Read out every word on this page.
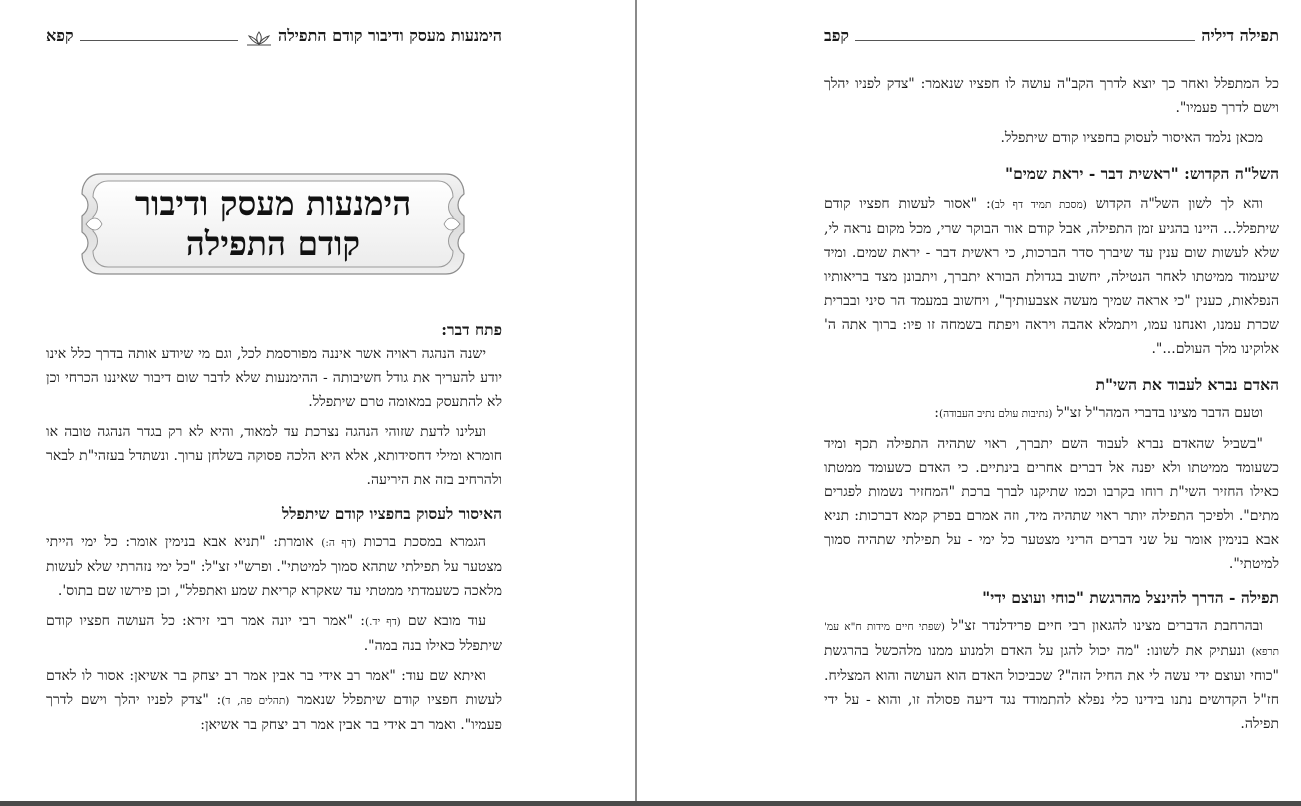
הימנעות מעסק ודיבור קודם התפילה
קפא
הימנעות מעסק ודיבור
קודם התפילה
פתח דבר:

ישנה הנהגה ראויה אשר איננה מפורסמת לכל, וגם מי שיודע אותה בדרך כלל אינו יודע להעריך את גודל חשיבותה - ההימנעות שלא לדבר שום דיבור שאיננו הכרחי וכן לא להתעסק במאומה טרם שיתפלל.

ועלינו לדעת שזוהי הנהגה נצרכת עד למאוד, והיא לא רק בגדר הנהגה טובה או חומרא ומילי דחסידותא, אלא היא הלכה פסוקה בשלחן ערוך. ונשתדל בעזהי"ת לבאר ולהרחיב בזה את היריעה.

האיסור לעסוק בחפציו קודם שיתפלל

הגמרא במסכת ברכות (דף ה:) אומרת: "תניא אבא בנימין אומר: כל ימי הייתי מצטער על תפילתי שתהא סמוך למיטתי". ופרש"י זצ"ל: "כל ימי נזהרתי שלא לעשות מלאכה כשעמדתי ממטתי עד שאקרא קריאת שמע ואתפלל", וכן פירשו שם בתוס'.

עוד מובא שם (דף יד.): "אמר רבי יונה אמר רבי זירא: כל העושה חפציו קודם שיתפלל כאילו בנה במה".

ואיתא שם עוד: "אמר רב אידי בר אבין אמר רב יצחק בר אשיאן: אסור לו לאדם לעשות חפציו קודם שיתפלל שנאמר (תהלים פה, ד): "צדק לפניו יהלך וישם לדרך פעמיו". ואמר רב אידי בר אבין אמר רב יצחק בר אשיאן:

תפילה דיליה
קפב

כל המתפלל ואחר כך יוצא לדרך הקב"ה עושה לו חפציו שנאמר: "צדק לפניו יהלך וישם לדרך פעמיו".

מכאן נלמד האיסור לעסוק בחפציו קודם שיתפלל.

השל"ה הקדוש: "ראשית דבר - יראת שמים"

והא לך לשון השל"ה הקדוש (מסכת תמיד דף לב): "אסור לעשות חפציו קודם שיתפלל... היינו בהגיע זמן התפילה, אבל קודם אור הבוקר שרי, מכל מקום נראה לי, שלא לעשות שום ענין עד שיברך סדר הברכות, כי ראשית דבר - יראת שמים. ומיד שיעמוד ממיטתו לאחר הנטילה, יחשוב בגדולת הבורא יתברך, ויתבונן מצד בריאותיו הנפלאות, כענין "כי אראה שמיך מעשה אצבעותיך", ויחשוב במעמד הר סיני ובברית שכרת עמנו, ואנחנו עמו, ויתמלא אהבה ויראה ויפתח בשמחה זו פיו: ברוך אתה ה' אלוקינו מלך העולם...".

האדם נברא לעבוד את השי"ת

וטעם הדבר מצינו בדברי המהר"ל זצ"ל (נתיבות עולם נתיב העבודה):

"בשביל שהאדם נברא לעבוד השם יתברך, ראוי שתהיה התפילה תכף ומיד כשעומד ממיטתו ולא יפנה אל דברים אחרים בינתיים. כי האדם כשעומד ממטתו כאילו החזיר השי"ת רוחו בקרבו וכמו שתיקנו לברך ברכת "המחזיר נשמות לפגרים מתים". ולפיכך התפילה יותר ראוי שתהיה מיד, וזה אמרם בפרק קמא דברכות: תניא אבא בנימין אומר על שני דברים הריני מצטער כל ימי - על תפילתי שתהיה סמוך למיטתי".

תפילה - הדרך להינצל מהרגשת "כוחי ועוצם ידי"

ובהרחבת הדברים מצינו להגאון רבי חיים פרידלנדר זצ"ל (שפתי חיים מידות ח"א עמ' תרפא) ונעתיק את לשונו: "מה יכול להגן על האדם ולמנוע ממנו מלהכשל בהרגשת "כוחי ועוצם ידי עשה לי את החיל הזה"? שכביכול האדם הוא העושה והוא המצליח. חז"ל הקדושים נתנו בידינו כלי נפלא להתמודד נגד דיעה פסולה זו, והוא - על ידי תפילה.
